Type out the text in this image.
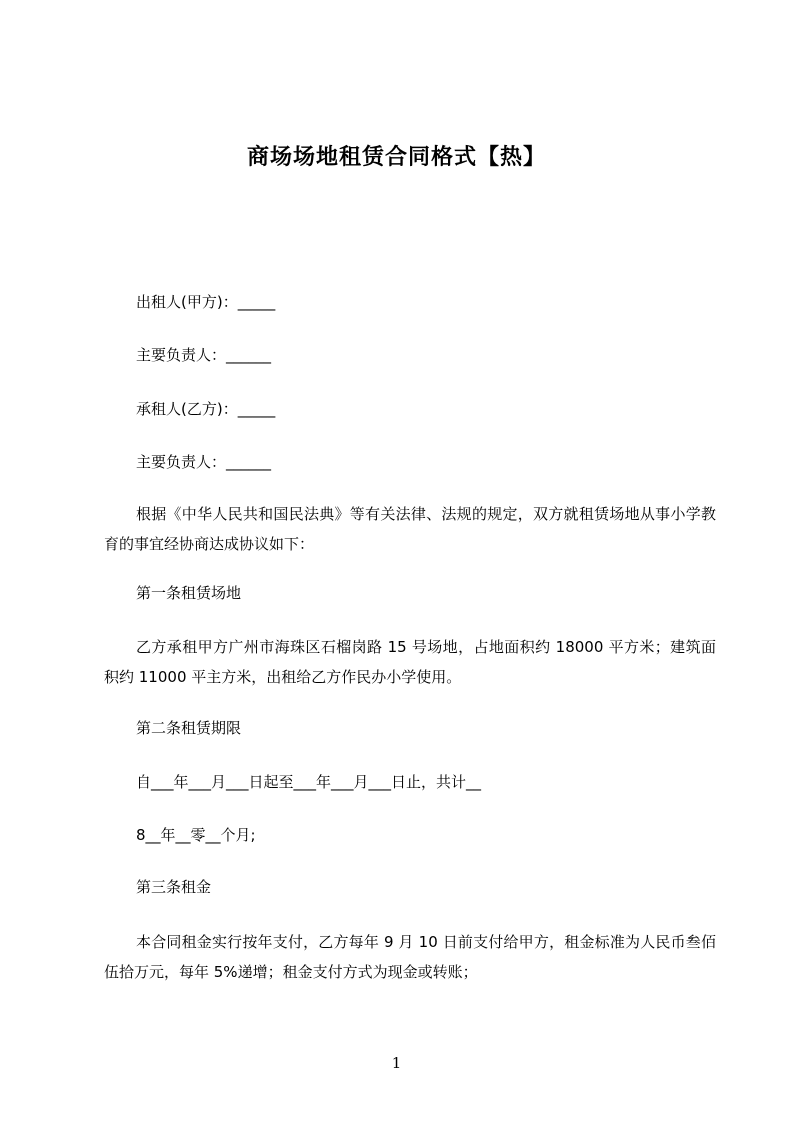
商场场地租赁合同格式【热】
出租人(甲方)：_____
主要负责人：______
承租人(乙方)：_____
主要负责人：______
根据《中华人民共和国民法典》等有关法律、法规的规定，双方就租赁场地从事小学教育的事宜经协商达成协议如下：
第一条租赁场地
乙方承租甲方广州市海珠区石榴岗路 15 号场地，占地面积约 18000 平方米；建筑面积约 11000 平主方米，出租给乙方作民办小学使用。
第二条租赁期限
自___年___月___日起至___年___月___日止，共计__
8__年__零__个月;
第三条租金
本合同租金实行按年支付，乙方每年 9 月 10 日前支付给甲方，租金标准为人民币叁佰伍拾万元，每年 5%递增；租金支付方式为现金或转账；
1
